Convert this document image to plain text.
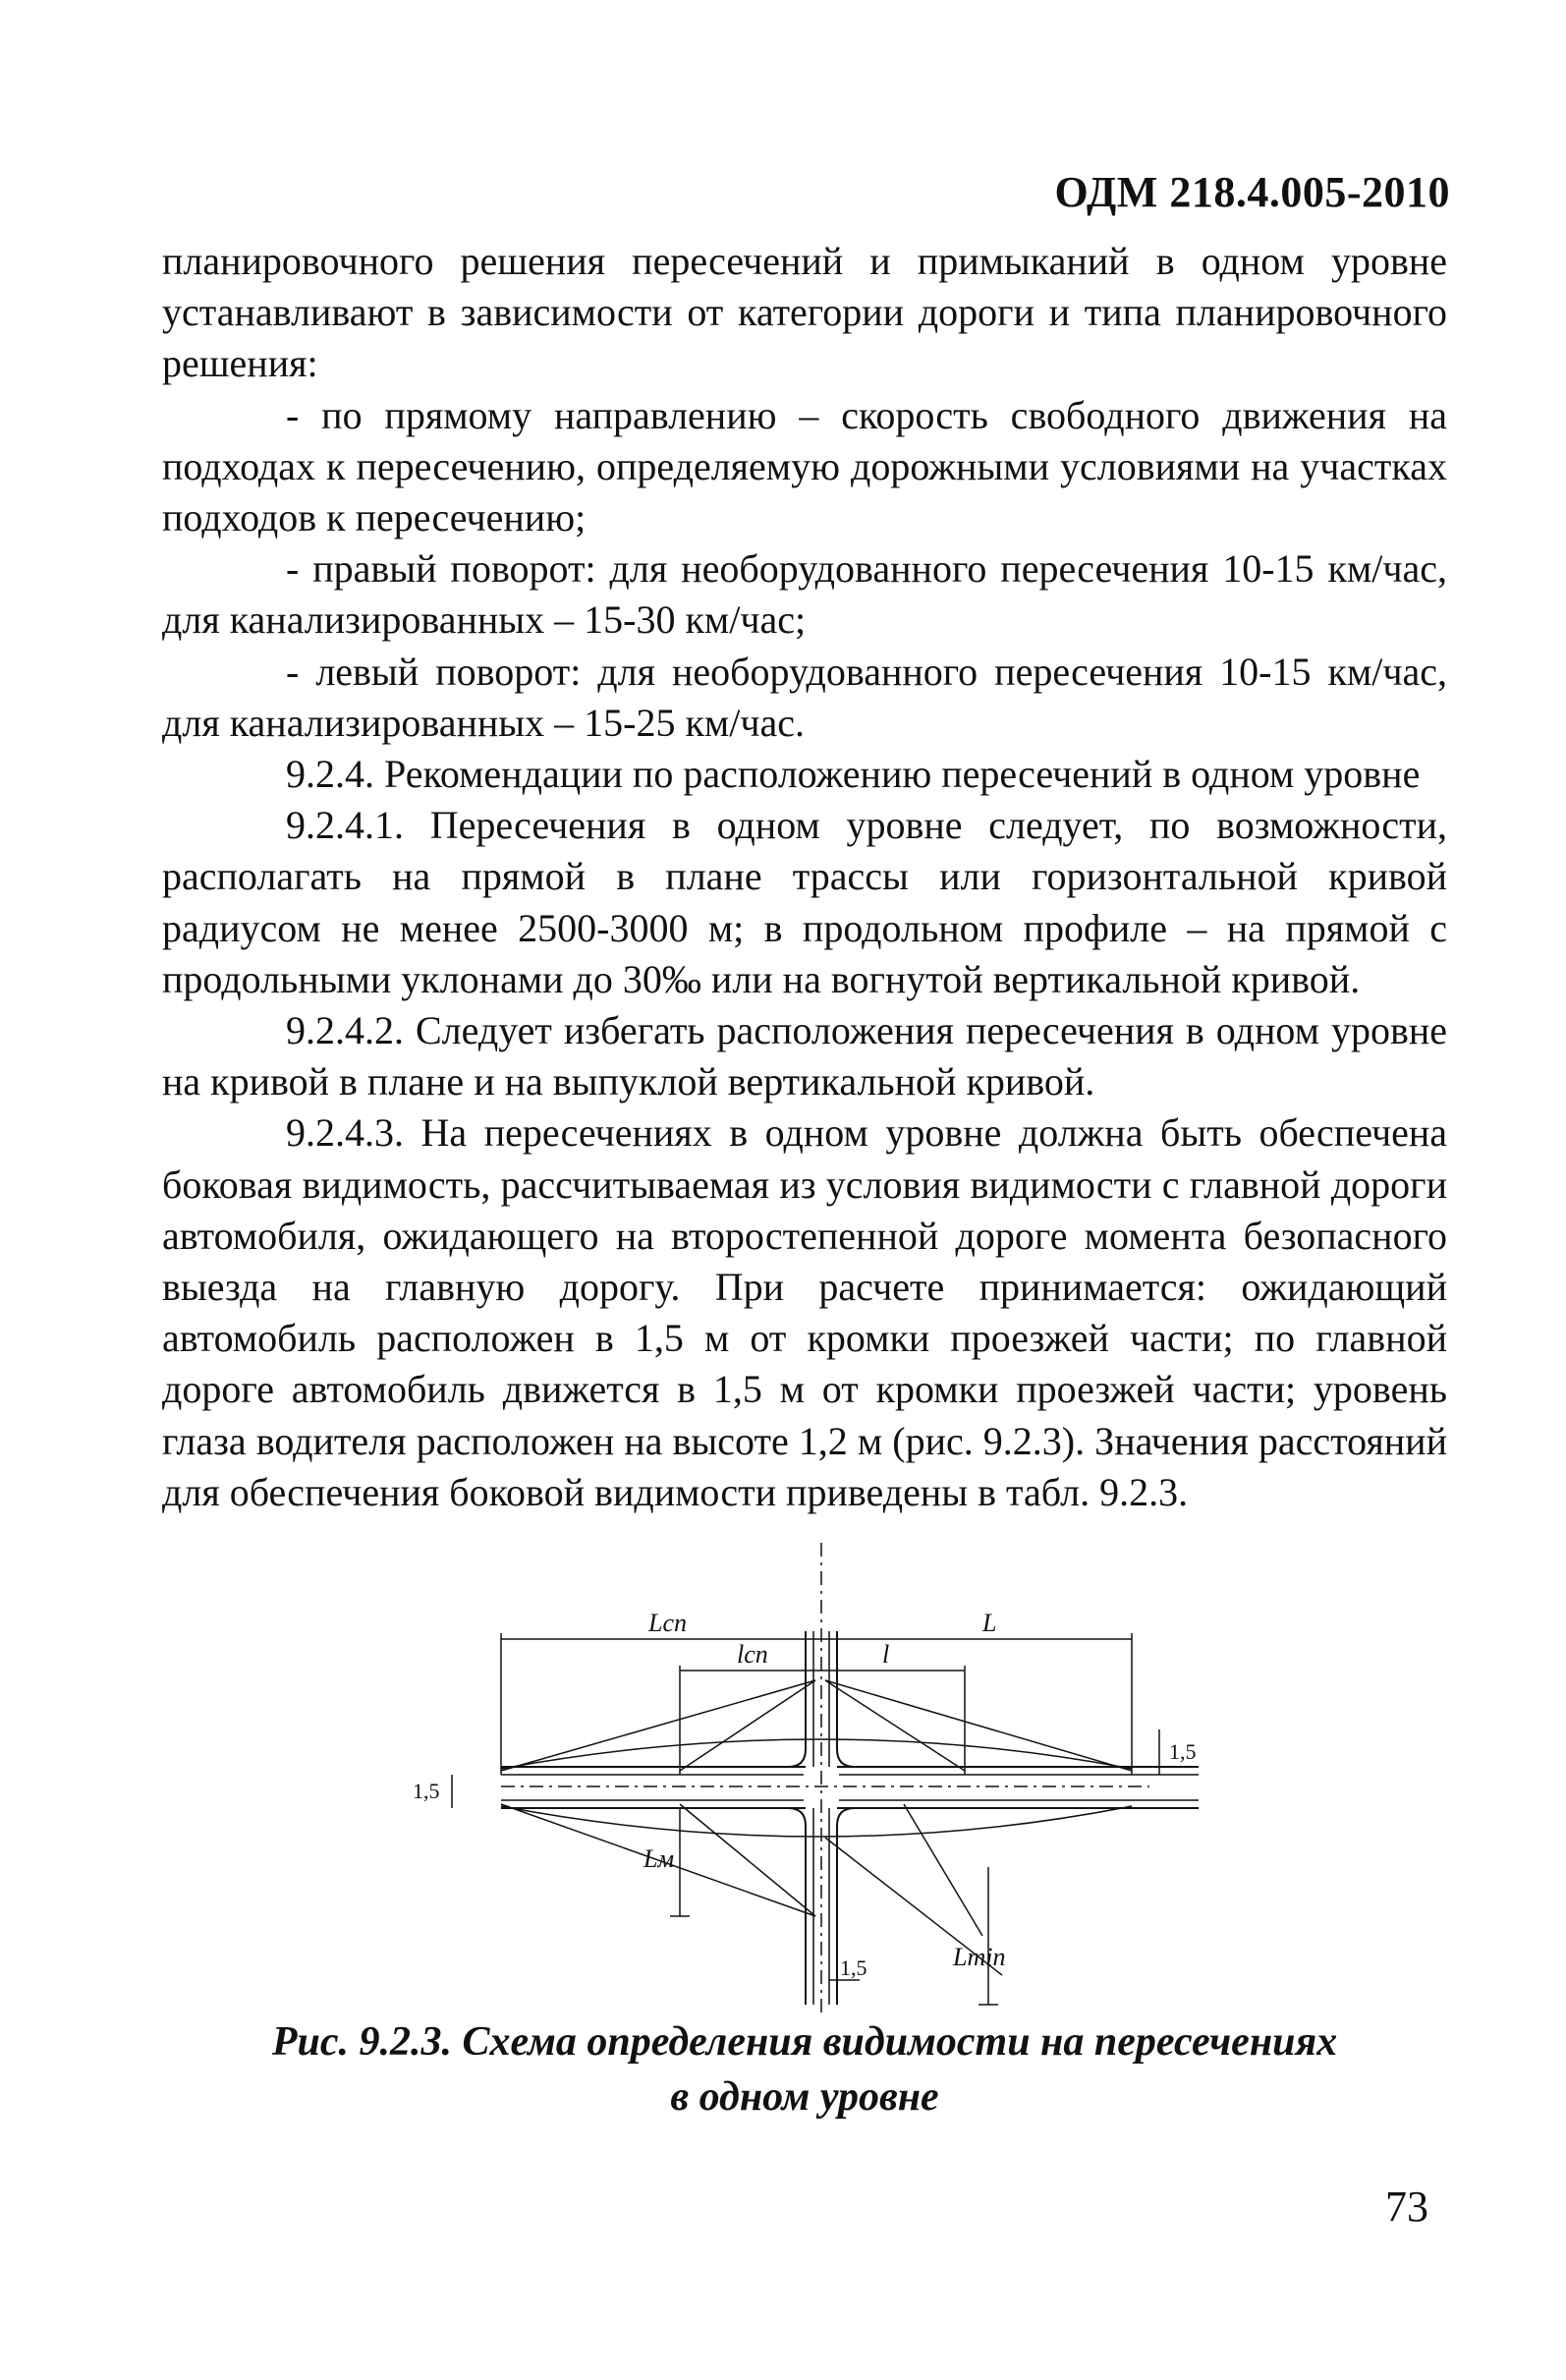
ОДМ 218.4.005-2010

планировочного решения пересечений и примыканий в одном уровне устанавливают в зависимости от категории дороги и типа планировочного решения:

- по прямому направлению – скорость свободного движения на подходах к пересечению, определяемую дорожными условиями на участках подходов к пересечению;

- правый поворот: для необорудованного пересечения 10-15 км/час, для канализированных – 15-30 км/час;

- левый поворот: для необорудованного пересечения 10-15 км/час, для канализированных – 15-25 км/час.

9.2.4. Рекомендации по расположению пересечений в одном уровне

9.2.4.1. Пересечения в одном уровне следует, по возможности, располагать на прямой в плане трассы или горизонтальной кривой радиусом не менее 2500-3000 м; в продольном профиле – на прямой с продольными уклонами до 30‰ или на вогнутой вертикальной кривой.

9.2.4.2. Следует избегать расположения пересечения в одном уровне на кривой в плане и на выпуклой вертикальной кривой.

9.2.4.3. На пересечениях в одном уровне должна быть обеспечена боковая видимость, рассчитываемая из условия видимости с главной дороги автомобиля, ожидающего на второстепенной дороге момента безопасного выезда на главную дорогу. При расчете принимается: ожидающий автомобиль расположен в 1,5 м от кромки проезжей части; по главной дороге автомобиль движется в 1,5 м от кромки проезжей части; уровень глаза водителя расположен на высоте 1,2 м (рис. 9.2.3). Значения расстояний для обеспечения боковой видимости приведены в табл. 9.2.3.

Lсп	L
lсп	l
1,5
1,5
1,5
Lм
Lmin
Рис. 9.2.3. Схема определения видимости на пересечениях
в одном уровне
73
